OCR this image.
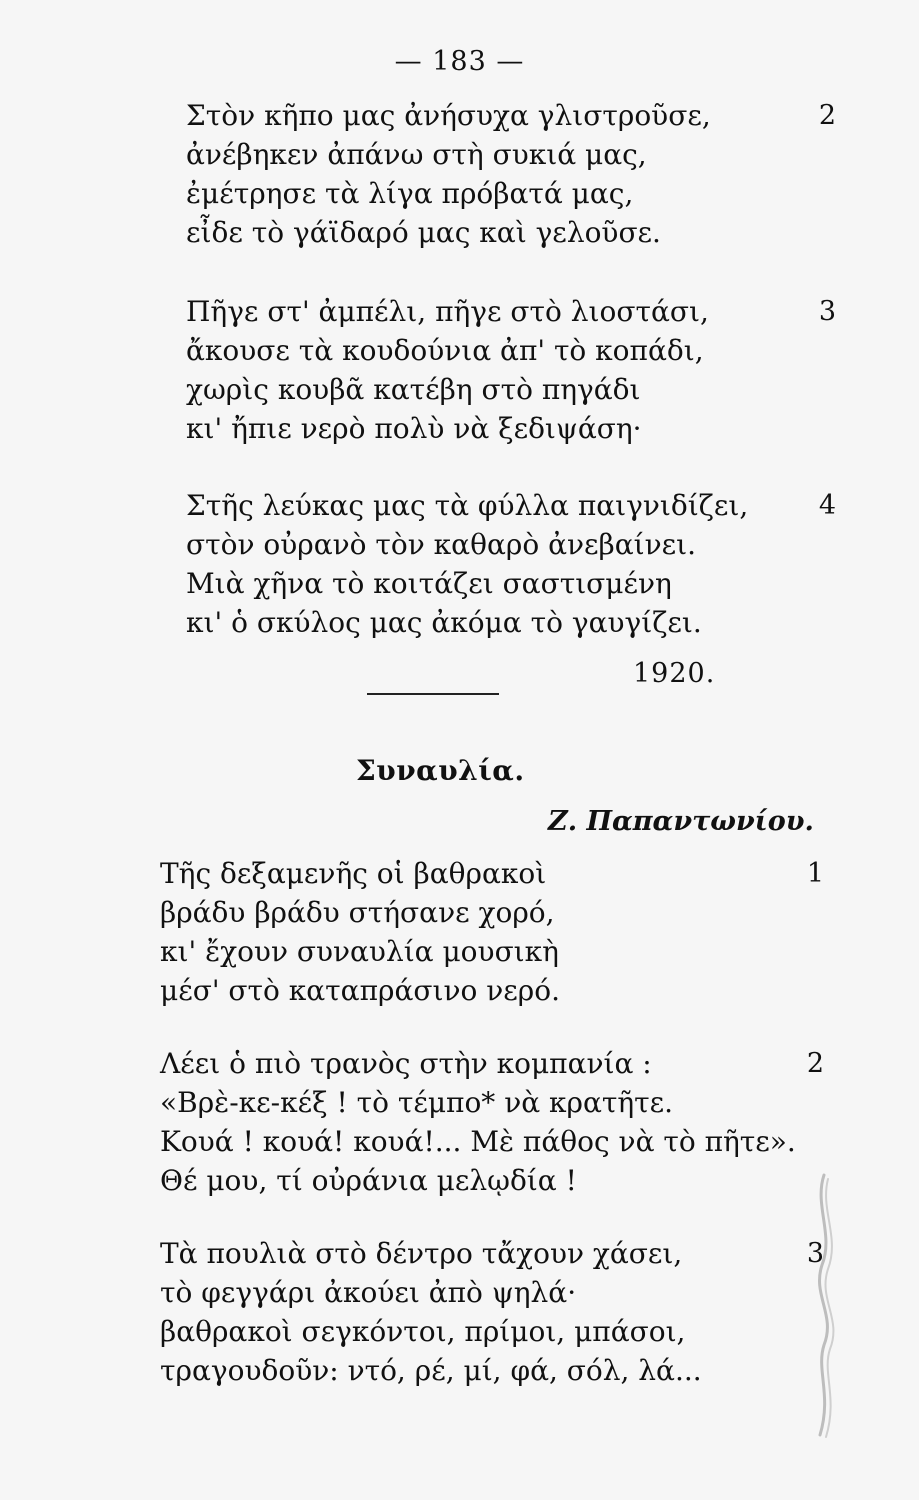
— 183 —
2
Στὸν κῆπο μας ἀνήσυχα γλιστροῦσε,
ἀνέβηκεν ἀπάνω στὴ συκιά μας,
ἐμέτρησε τὰ λίγα πρόβατά μας,
εἶδε τὸ γάϊδαρό μας καὶ γελοῦσε.
3
Πῆγε στ' ἀμπέλι, πῆγε στὸ λιοστάσι,
ἄκουσε τὰ κουδούνια ἀπ' τὸ κοπάδι,
χωρὶς κουβᾶ κατέβη στὸ πηγάδι
κι' ἤπιε νερὸ πολὺ νὰ ξεδιψάση·
4
Στῆς λεύκας μας τὰ φύλλα παιγνιδίζει,
στὸν οὐρανὸ τὸν καθαρὸ ἀνεβαίνει.
Μιὰ χῆνα τὸ κοιτάζει σαστισμένη
κι' ὁ σκύλος μας ἀκόμα τὸ γαυγίζει.
1920.
Συναυλία.
Ζ. Παπαντωνίου.
1
Τῆς δεξαμενῆς οἱ βαθρακοὶ
βράδυ βράδυ στήσανε χορό,
κι' ἔχουν συναυλία μουσικὴ
μέσ' στὸ καταπράσινο νερό.
2
Λέει ὁ πιὸ τρανὸς στὴν κομπανία :
«Βρὲ-κε-κέξ ! τὸ τέμπο* νὰ κρατῆτε.
Κουά ! κουά! κουά!... Μὲ πάθος νὰ τὸ πῆτε».
Θέ μου, τί οὐράνια μελῳδία !
3
Τὰ πουλιὰ στὸ δέντρο τἄχουν χάσει,
τὸ φεγγάρι ἀκούει ἀπὸ ψηλά·
βαθρακοὶ σεγκόντοι, πρίμοι, μπάσοι,
τραγουδοῦν: ντό, ρέ, μί, φά, σόλ, λά...
